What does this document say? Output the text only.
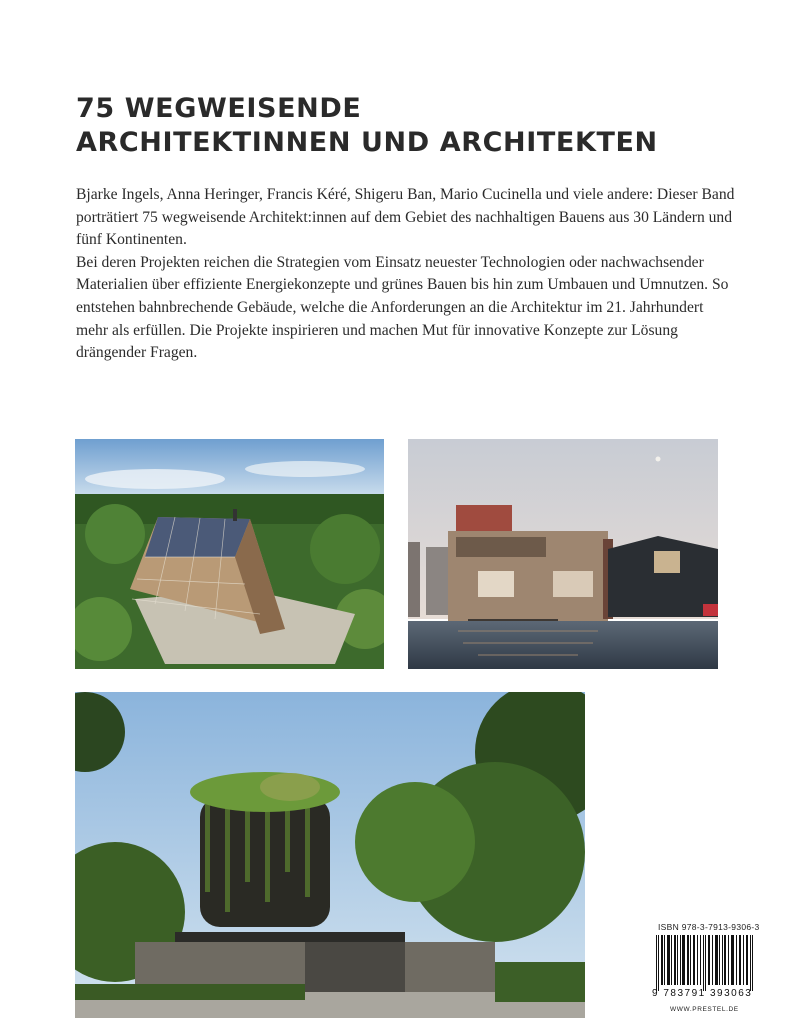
75 WEGWEISENDE
ARCHITEKTINNEN UND ARCHITEKTEN

Bjarke Ingels, Anna Heringer, Francis Kéré, Shigeru Ban, Mario Cucinella und viele andere: Dieser Band porträtiert 75 wegweisende Architekt:innen auf dem Gebiet des nachhaltigen Bauens aus 30 Ländern und fünf Kontinenten.

Bei deren Projekten reichen die Strategien vom Einsatz neuester Technologien oder nachwachsender Materialien über effiziente Energiekonzepte und grünes Bauen bis hin zum Umbauen und Umnutzen. So entstehen bahnbrechende Gebäude, welche die Anforderungen an die Architektur im 21. Jahrhundert mehr als erfüllen. Die Projekte inspirieren und machen Mut für innovative Konzepte zur Lösung drängender Fragen.

ISBN 978-3-7913-9306-3
9 783791 393063
WWW.PRESTEL.DE
